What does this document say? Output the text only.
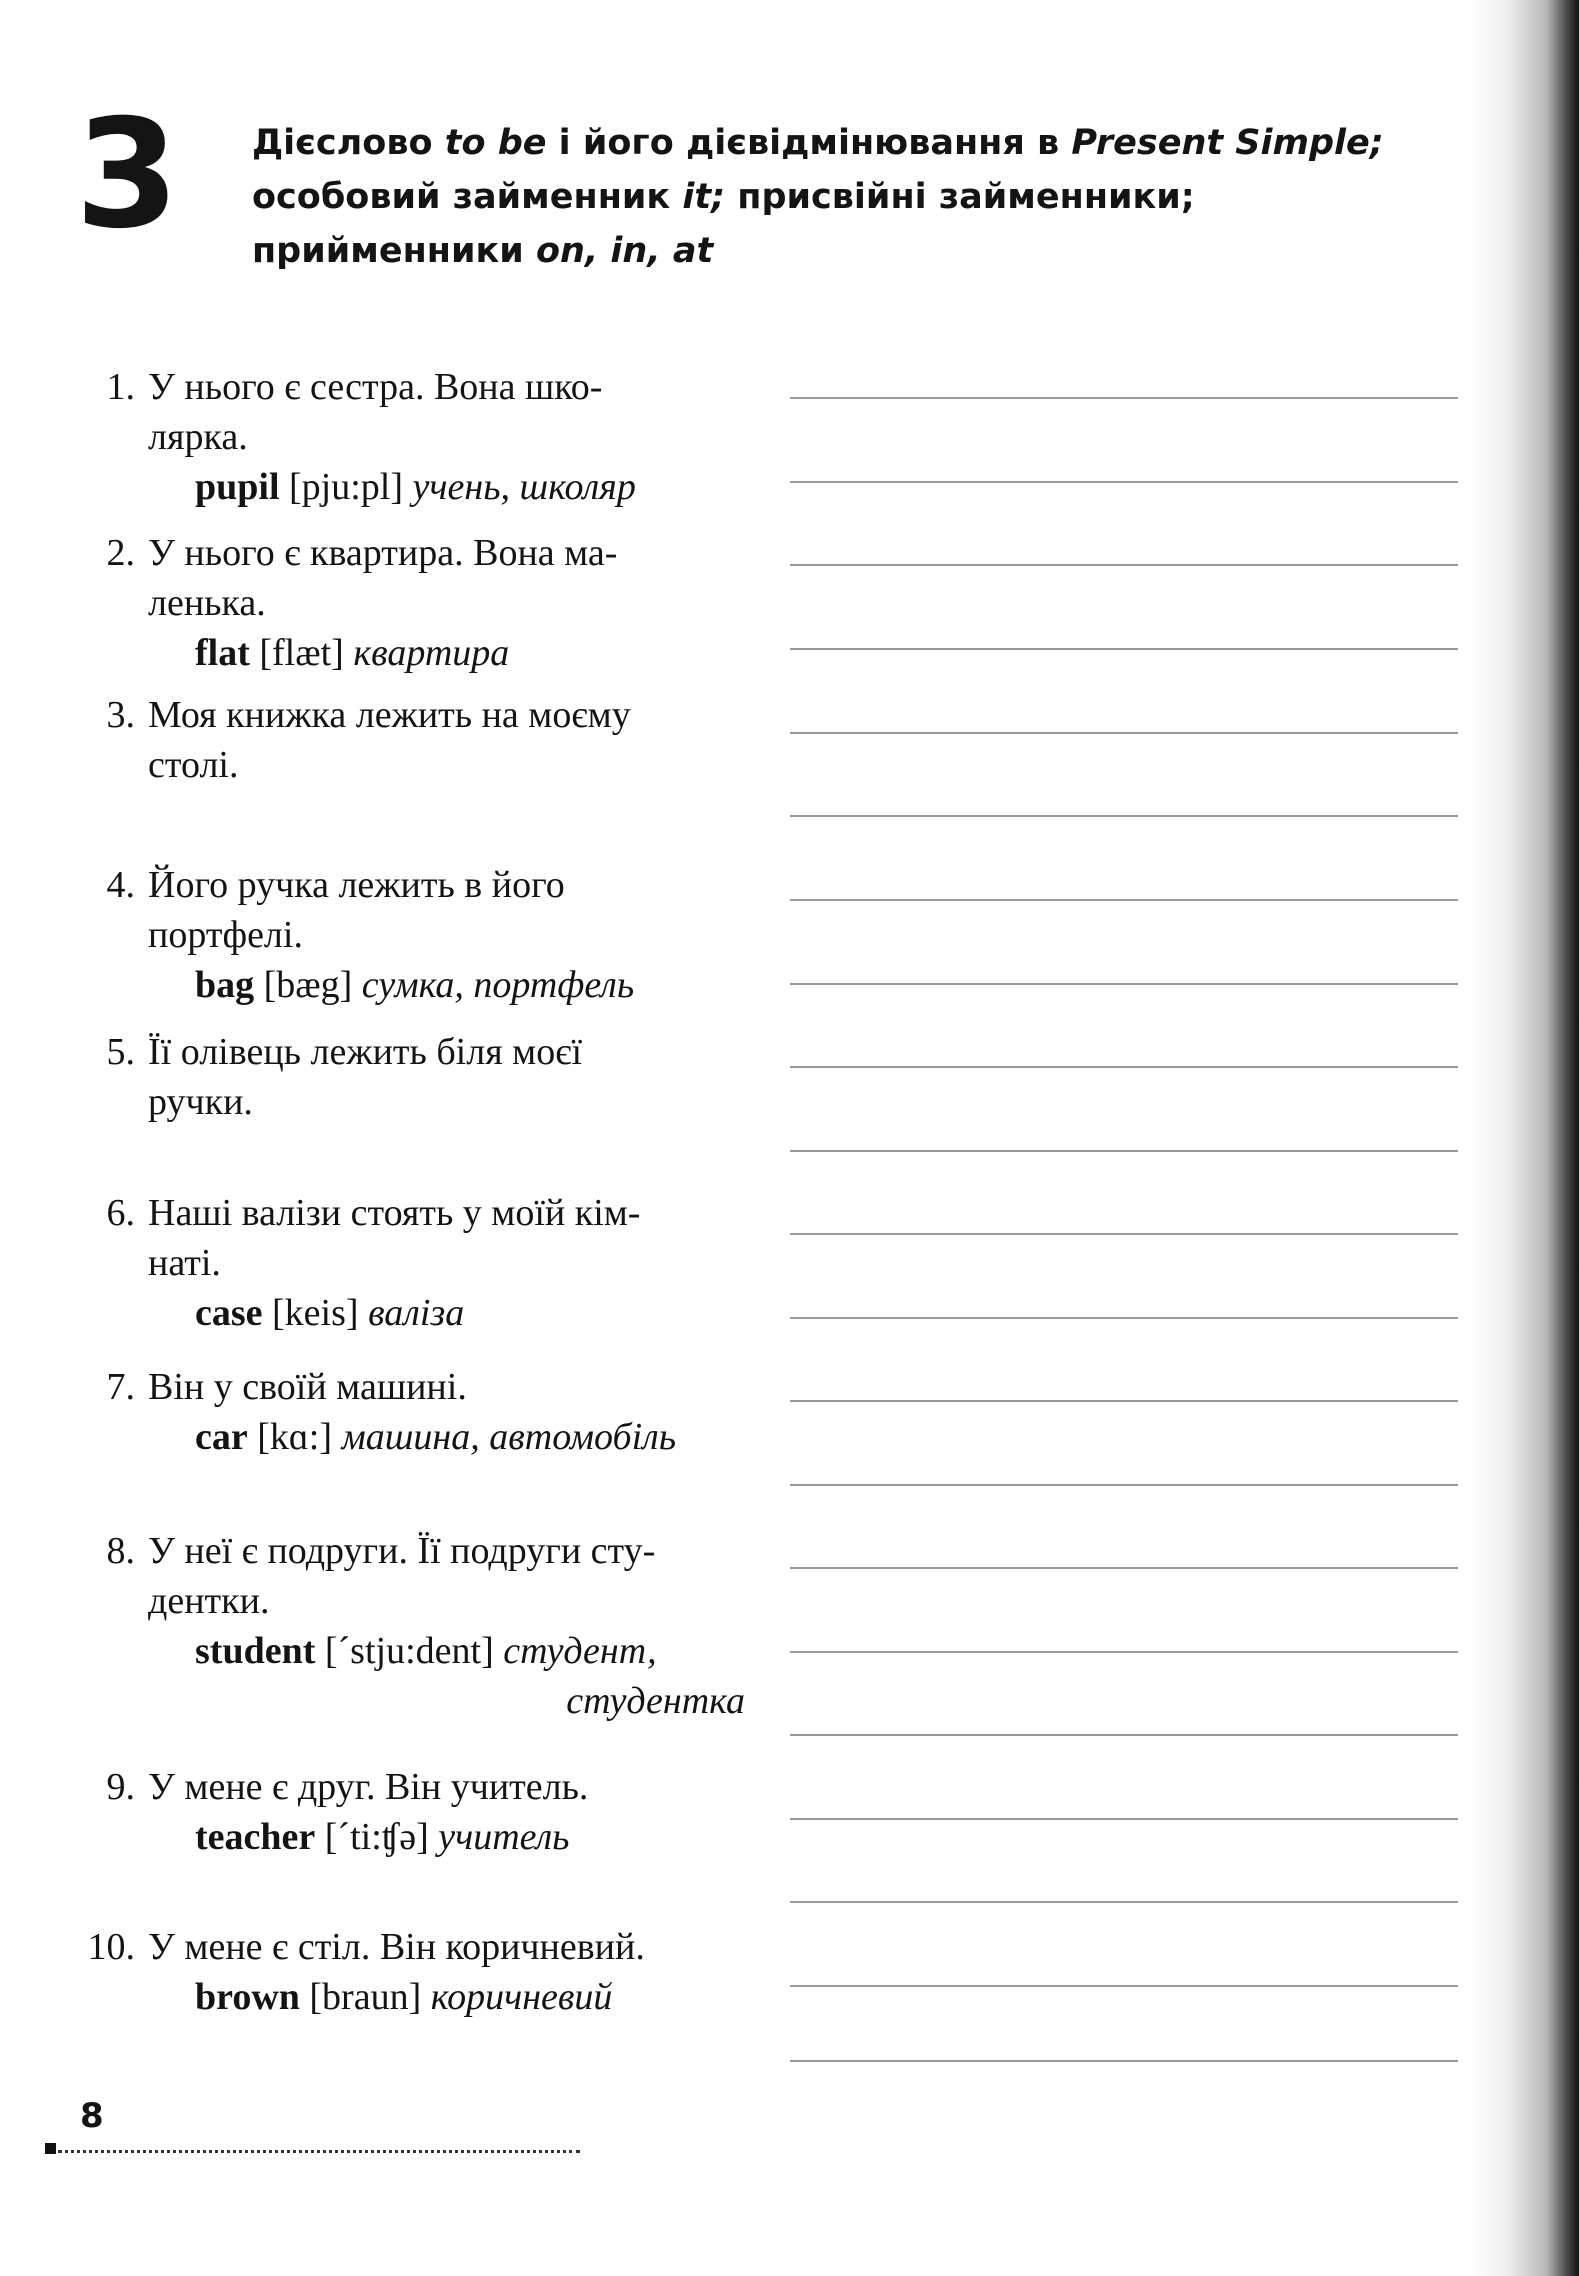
3 Дієслово to be і його дієвідмінювання в Present Simple;
особовий займенник it; присвійні займенники;
прийменники on, in, at
1. У нього є сестра. Вона шко-
лярка.
pupil [pju:pl] учень, школяр
2. У нього є квартира. Вона ма-
ленька.
flat [flæt] квартира
3. Моя книжка лежить на моєму
столі.
4. Його ручка лежить в його
портфелі.
bag [bæg] сумка, портфель
5. Її олівець лежить біля моєї
ручки.
6. Наші валізи стоять у моїй кім-
наті.
case [keis] валіза
7. Він у своїй машині.
car [kɑ:] машина, автомобіль
8. У неї є подруги. Її подруги сту-
дентки.
student [ˊstju:dent] студент,
студентка
9. У мене є друг. Він учитель.
teacher [ˊti:ʧə] учитель
10. У мене є стіл. Він коричневий.
brown [braun] коричневий
8
